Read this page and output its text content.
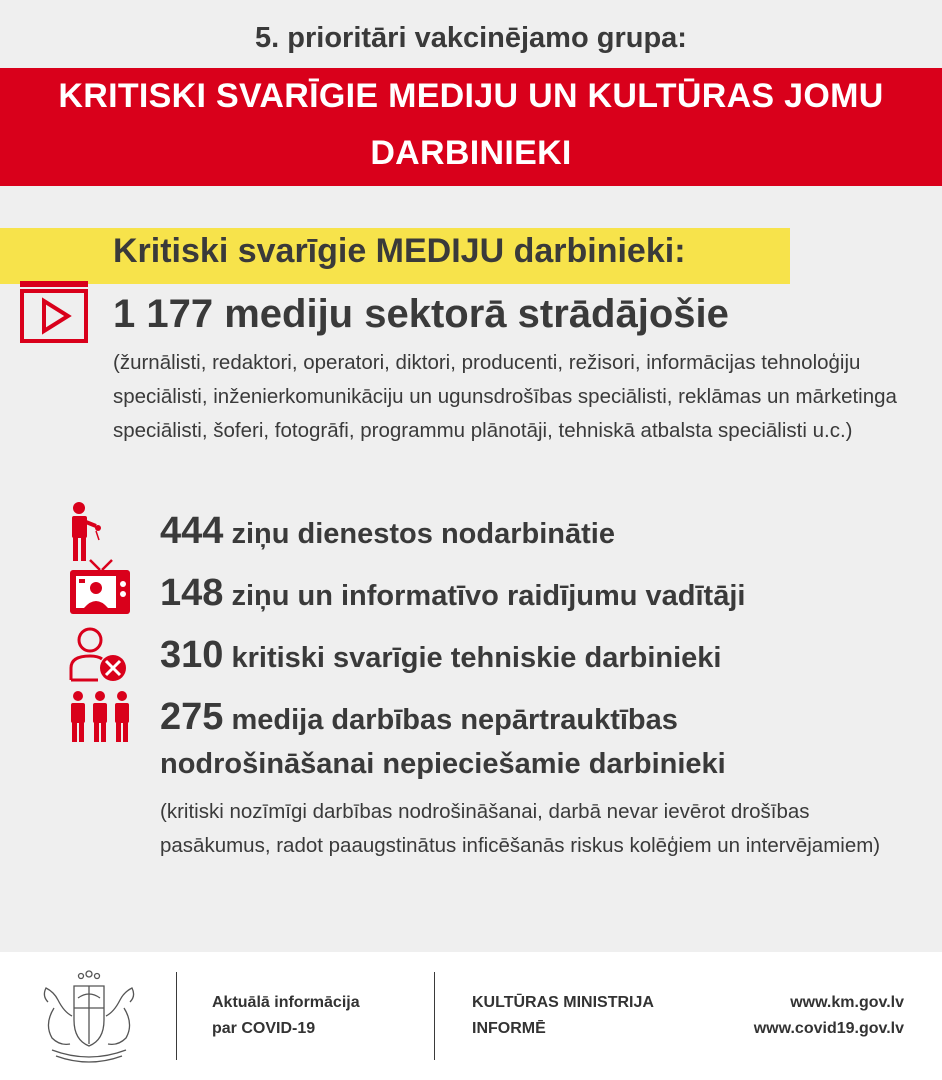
5. prioritāri vakcinējamo grupa:
KRITISKI SVARĪGIE MEDIJU UN KULTŪRAS JOMU
DARBINIEKI
Kritiski svarīgie MEDIJU darbinieki:
1 177 mediju sektorā strādājošie
(žurnālisti, redaktori, operatori, diktori, producenti, režisori, informācijas tehnoloģiju speciālisti, inženierkomunikāciju un ugunsdrošības speciālisti, reklāmas un mārketinga speciālisti, šoferi, fotogrāfi, programmu plānotāji, tehniskā atbalsta speciālisti u.c.)
444 ziņu dienestos nodarbinātie
148 ziņu un informatīvo raidījumu vadītāji
310 kritiski svarīgie tehniskie darbinieki
275 medija darbības nepārtrauktības
nodrošināšanai nepieciešamie darbinieki
(kritiski nozīmīgi darbības nodrošināšanai, darbā nevar ievērot drošības pasākumus, radot paaugstinātus inficēšanās riskus kolēģiem un intervējamiem)
Aktuālā informācija
par COVID-19
KULTŪRAS MINISTRIJA
INFORMĒ
www.km.gov.lv
www.covid19.gov.lv
